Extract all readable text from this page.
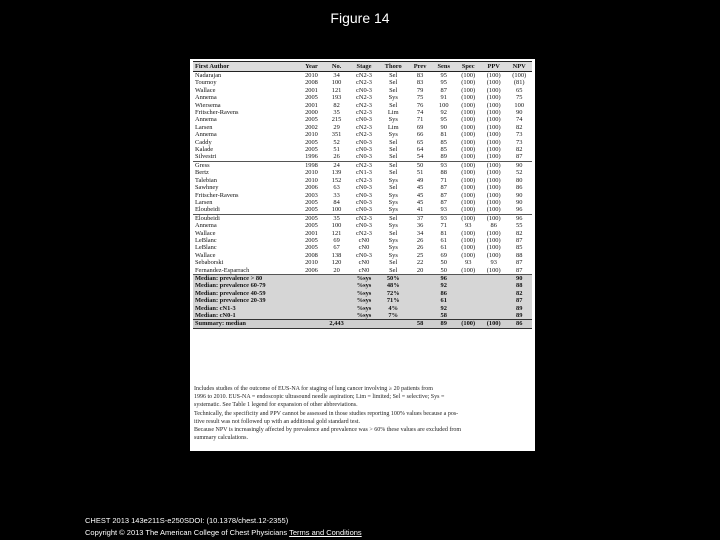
Figure 14
First Author	Year	No.	Stage	Thoro	Prev	Sens	Spec	PPV	NPV
Nadarajan	2010	34	cN2-3	Sel	83	95	(100)	(100)	(100)
Tournoy	2008	100	cN2-3	Sel	83	95	(100)	(100)	(81)
Wallace	2001	121	cN0-3	Sel	79	87	(100)	(100)	65
Annema	2005	193	cN2-3	Sys	75	91	(100)	(100)	75
Wiersema	2001	82	cN2-3	Sel	76	100	(100)	(100)	100
Fritscher-Ravens	2000	35	cN2-3	Lim	74	92	(100)	(100)	90
Annema	2005	215	cN0-3	Sys	71	95	(100)	(100)	74
Larsen	2002	29	cN2-3	Lim	69	90	(100)	(100)	82
Annema	2010	351	cN2-3	Sys	66	81	(100)	(100)	73
Caddy	2005	52	cN0-3	Sel	65	85	(100)	(100)	73
Kalade	2005	51	cN0-3	Sel	64	85	(100)	(100)	82
Silvestri	1996	26	cN0-3	Sel	54	89	(100)	(100)	87
Gress	1998	24	cN2-3	Sel	50	93	(100)	(100)	90
Bertz	2010	139	cN1-3	Sel	51	88	(100)	(100)	52
Talebian	2010	152	cN2-3	Sys	49	71	(100)	(100)	80
Sawhney	2006	63	cN0-3	Sel	45	87	(100)	(100)	86
Fritscher-Ravens	2003	33	cN0-3	Sys	45	87	(100)	(100)	90
Larsen	2005	84	cN0-3	Sys	45	87	(100)	(100)	90
Eloubeidi	2005	100	cN0-3	Sys	41	93	(100)	(100)	96
Eloubeidi	2005	35	cN2-3	Sel	37	93	(100)	(100)	96
Annema	2005	100	cN0-3	Sys	36	71	93	86	55
Wallace	2001	121	cN2-3	Sel	34	81	(100)	(100)	82
LeBlanc	2005	69	cN0	Sys	26	61	(100)	(100)	87
LeBlanc	2005	67	cN0	Sys	26	61	(100)	(100)	85
Wallace	2008	138	cN0-3	Sys	25	69	(100)	(100)	88
Sebaborski	2010	120	cN0	Sel	22	50	93	93	87
Fernandez-Esparrach	2006	20	cN0	Sel	20	50	(100)	(100)	87
Median: prevalence > 80			%sys	50%		96			90
Median: prevalence 60-79			%sys	48%		92			88
Median: prevalence 40-59			%sys	72%		86			82
Median: prevalence 20-39			%sys	71%		61			87
Median: cN1-3			%sys	4%		92			89
Median: cN0-1			%sys	7%		58			89
Summary: median		2,443			58	89	(100)	(100)	86

Includes studies of the outcome of EUS-NA for staging of lung cancer involving ≥ 20 patients from

1996 to 2010. EUS-NA = endoscopic ultrasound needle aspiration; Lim = limited; Sel = selective; Sys =

systematic. See Table 1 legend for expansion of other abbreviations.

Technically, the specificity and PPV cannot be assessed in those studies reporting 100% values because a pos-

itive result was not followed up with an additional gold standard test.

Because NPV is increasingly affected by prevalence and prevalence was > 60% these values are excluded from

summary calculations.

CHEST 2013 143e211S-e250SDOI: (10.1378/chest.12-2355)
Copyright © 2013 The American College of Chest Physicians Terms and Conditions
